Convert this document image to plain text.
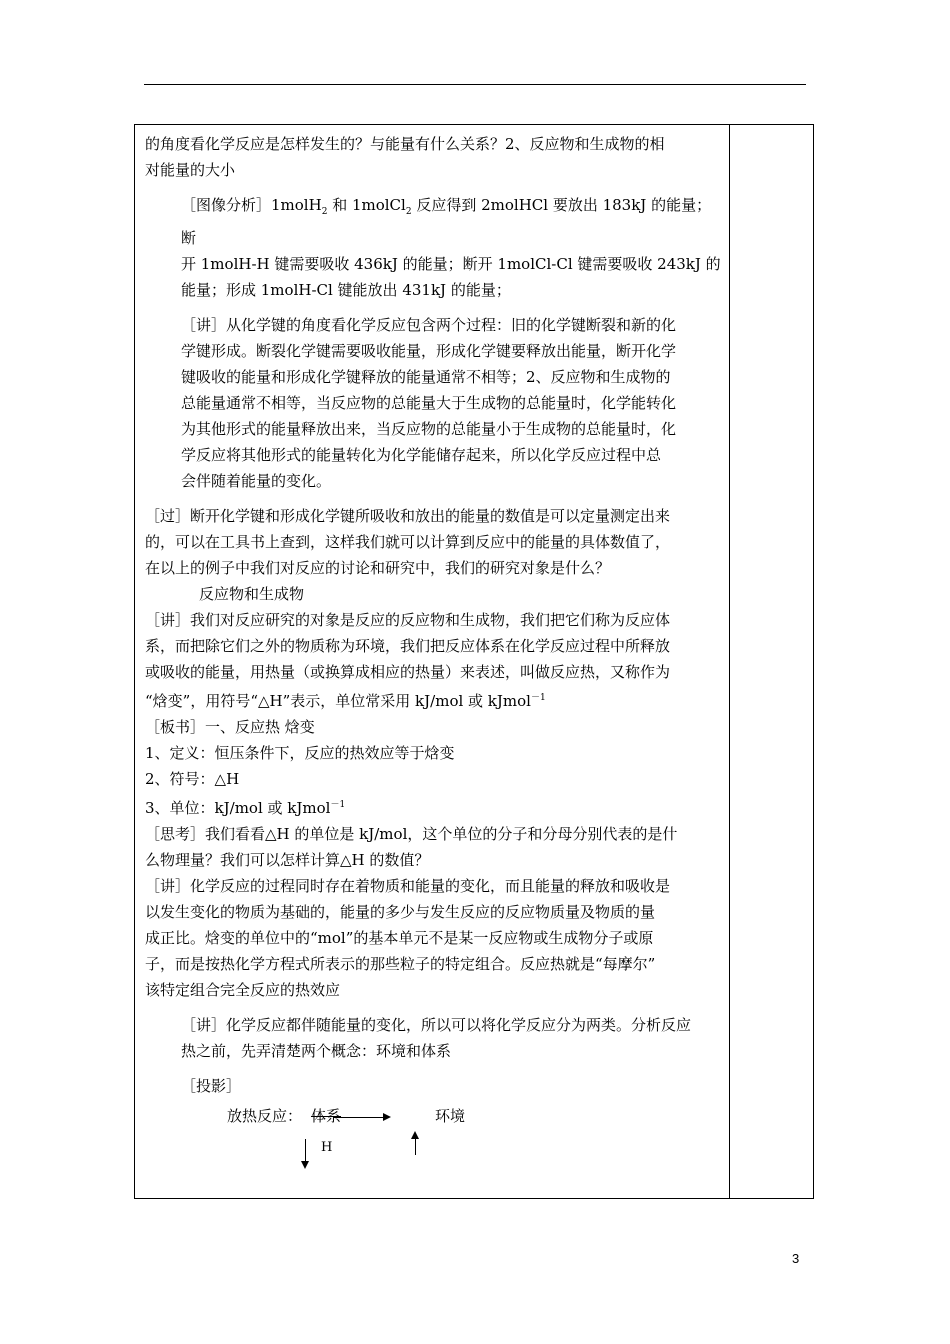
的角度看化学反应是怎样发生的？与能量有什么关系？2、反应物和生成物的相

对能量的大小

［图像分析］1molH$_2$ 和 1molCl$_2$ 反应得到 2molHCl 要放出 183kJ 的能量；断

开 1molH-H 键需要吸收 436kJ 的能量；断开 1molCl-Cl 键需要吸收 243kJ 的

能量；形成 1molH-Cl 键能放出 431kJ 的能量；

［讲］从化学键的角度看化学反应包含两个过程：旧的化学键断裂和新的化

学键形成。断裂化学键需要吸收能量，形成化学键要释放出能量，断开化学

键吸收的能量和形成化学键释放的能量通常不相等；2、反应物和生成物的

总能量通常不相等，当反应物的总能量大于生成物的总能量时，化学能转化

为其他形式的能量释放出来，当反应物的总能量小于生成物的总能量时，化

学反应将其他形式的能量转化为化学能储存起来，所以化学反应过程中总

会伴随着能量的变化。

［过］断开化学键和形成化学键所吸收和放出的能量的数值是可以定量测定出来

的，可以在工具书上查到，这样我们就可以计算到反应中的能量的具体数值了，

在以上的例子中我们对反应的讨论和研究中，我们的研究对象是什么？

反应物和生成物

［讲］我们对反应研究的对象是反应的反应物和生成物，我们把它们称为反应体

系，而把除它们之外的物质称为环境，我们把反应体系在化学反应过程中所释放

或吸收的能量，用热量（或换算成相应的热量）来表述，叫做反应热，又称作为

“焓变”，用符号“△H”表示，单位常采用 kJ/mol 或 kJmol$^{-1}$

［板书］一、反应热 焓变

1、定义：恒压条件下，反应的热效应等于焓变

2、符号：△H

3、单位：kJ/mol 或 kJmol$^{-1}$

［思考］我们看看△H 的单位是 kJ/mol，这个单位的分子和分母分别代表的是什

么物理量？我们可以怎样计算△H 的数值？

［讲］化学反应的过程同时存在着物质和能量的变化，而且能量的释放和吸收是

以发生变化的物质为基础的，能量的多少与发生反应的反应物质量及物质的量

成正比。焓变的单位中的“mol”的基本单元不是某一反应物或生成物分子或原

子，而是按热化学方程式所表示的那些粒子的特定组合。反应热就是“每摩尔”

该特定组合完全反应的热效应

［讲］化学反应都伴随能量的变化，所以可以将化学反应分为两类。分析反应

热之前，先弄清楚两个概念：环境和体系

［投影］

放热反应： 体系	环境
H
3
